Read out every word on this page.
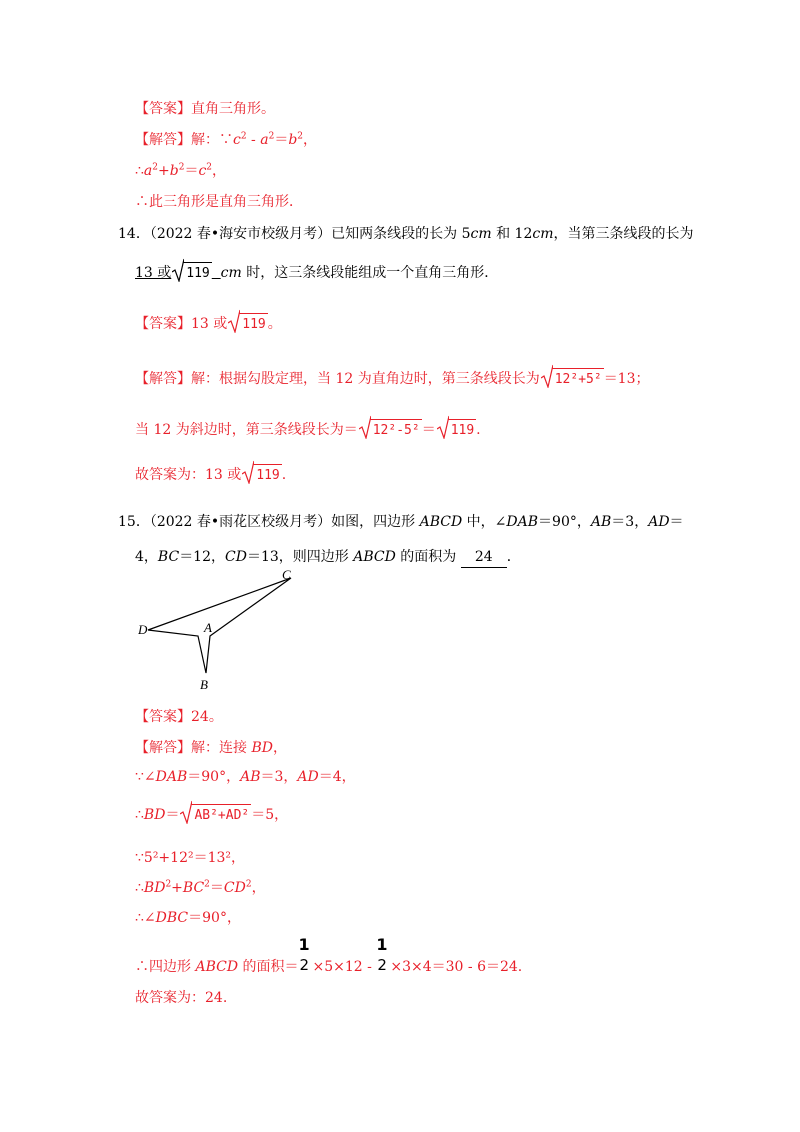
【答案】直角三角形。
【解答】解：$\because c^2 - a^2=b^2$，
$\therefore a^2+b^2=c^2$，
∴此三角形是直角三角形．
14．（2022 春•海安市校级月考）已知两条线段的长为 5cm 和 12cm，当第三条线段的长为
13 或 119 cm 时，这三条线段能组成一个直角三角形．
【答案】13 或 119 。
【解答】解：根据勾股定理，当 12 为直角边时，第三条线段长为 12²+5² ＝13；
当 12 为斜边时，第三条线段长为＝ 12²-5² ＝ 119 .
故答案为：13 或 119 .
15．（2022 春•雨花区校级月考）如图，四边形 ABCD 中，∠DAB＝90°，AB＝3，AD＝
4，BC＝12，CD＝13，则四边形 ABCD 的面积为 24 ．
C
D	A
B
【答案】24。
【解答】解：连接 BD，
∵∠DAB＝90°，AB＝3，AD＝4，
∴BD＝ AB²+AD² ＝5，
∵5²+12²＝13²，
$\therefore BD^2+BC^2=CD^2$，
∴∠DBC＝90°，
∴四边形 ABCD 的面积＝
1
2 ×5×12 -
1
2 ×3×4＝30 - 6＝24.
故答案为：24.
